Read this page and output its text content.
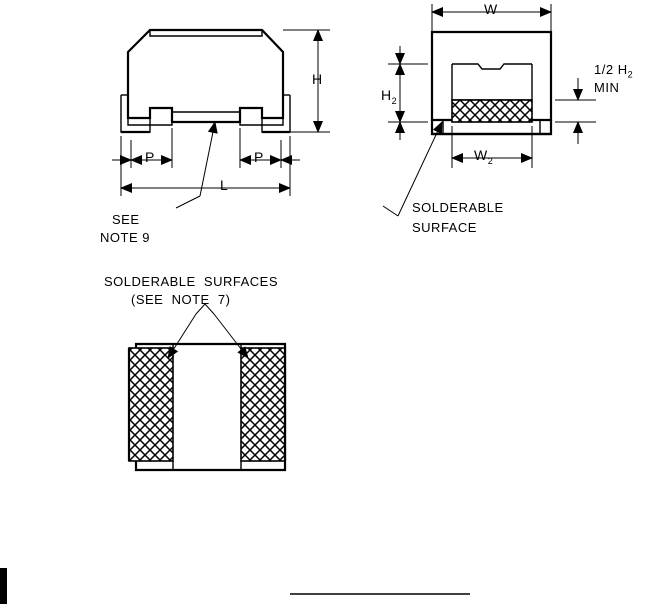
H
P	P
L
SEE
NOTE 9
W
$H_2$
$W_2$
1/2 $H_2$
MIN
SOLDERABLE
SURFACE
SOLDERABLE  SURFACES
(SEE  NOTE  7)
